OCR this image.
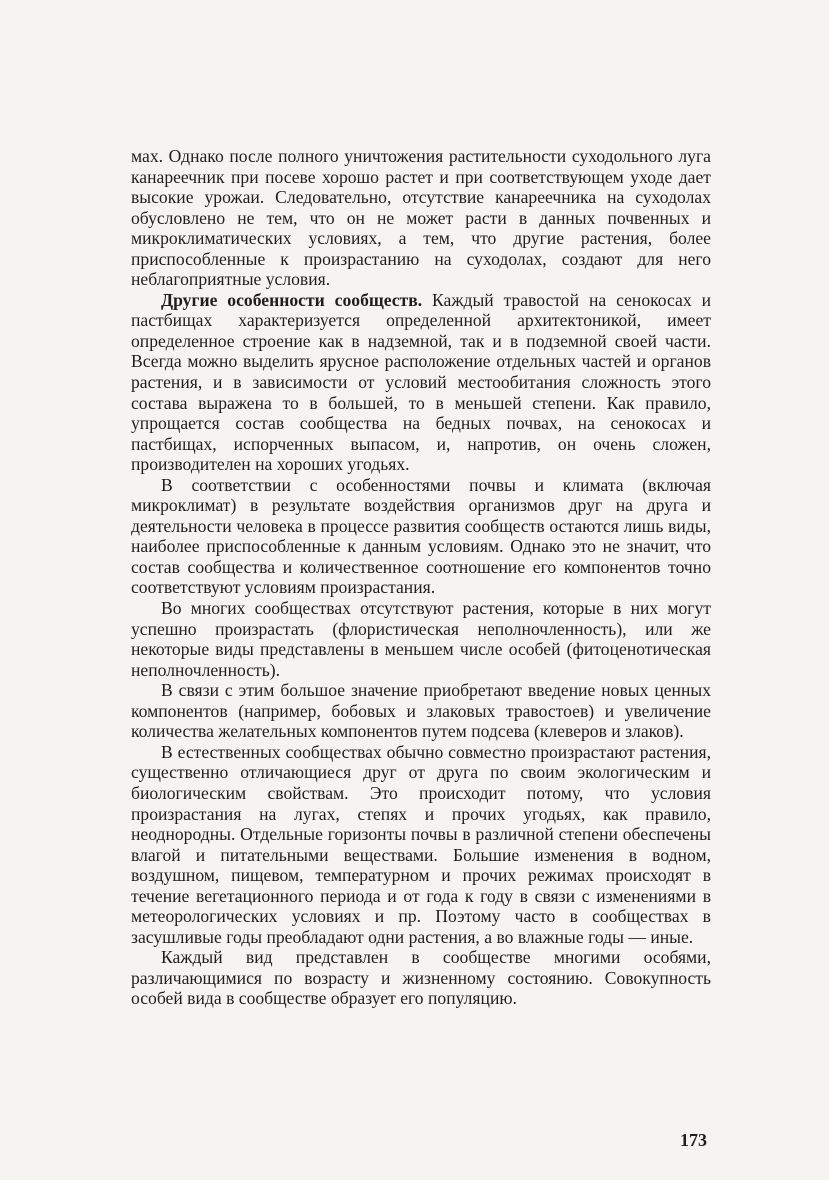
мах. Однако после полного уничтожения растительности суходольного луга канареечник при посеве хорошо растет и при соответствующем уходе дает высокие урожаи. Следовательно, отсутствие канареечника на суходолах обусловлено не тем, что он не может расти в данных почвенных и микроклиматических условиях, а тем, что другие растения, более приспособленные к произрастанию на суходолах, создают для него неблагоприятные условия.

Другие особенности сообществ. Каждый травостой на сенокосах и пастбищах характеризуется определенной архитектоникой, имеет определенное строение как в надземной, так и в подземной своей части. Всегда можно выделить ярусное расположение отдельных частей и органов растения, и в зависимости от условий местообитания сложность этого состава выражена то в большей, то в меньшей степени. Как правило, упрощается состав сообщества на бедных почвах, на сенокосах и пастбищах, испорченных выпасом, и, напротив, он очень сложен, производителен на хороших угодьях.

В соответствии с особенностями почвы и климата (включая микроклимат) в результате воздействия организмов друг на друга и деятельности человека в процессе развития сообществ остаются лишь виды, наиболее приспособленные к данным условиям. Однако это не значит, что состав сообщества и количественное соотношение его компонентов точно соответствуют условиям произрастания.

Во многих сообществах отсутствуют растения, которые в них могут успешно произрастать (флористическая неполночленность), или же некоторые виды представлены в меньшем числе особей (фитоценотическая неполночленность).

В связи с этим большое значение приобретают введение новых ценных компонентов (например, бобовых и злаковых травостоев) и увеличение количества желательных компонентов путем подсева (клеверов и злаков).

В естественных сообществах обычно совместно произрастают растения, существенно отличающиеся друг от друга по своим экологическим и биологическим свойствам. Это происходит потому, что условия произрастания на лугах, степях и прочих угодьях, как правило, неоднородны. Отдельные горизонты почвы в различной степени обеспечены влагой и питательными веществами. Большие изменения в водном, воздушном, пищевом, температурном и прочих режимах происходят в течение вегетационного периода и от года к году в связи с изменениями в метеорологических условиях и пр. Поэтому часто в сообществах в засушливые годы преобладают одни растения, а во влажные годы — иные.

Каждый вид представлен в сообществе многими особями, различающимися по возрасту и жизненному состоянию. Совокупность особей вида в сообществе образует его популяцию.

173
